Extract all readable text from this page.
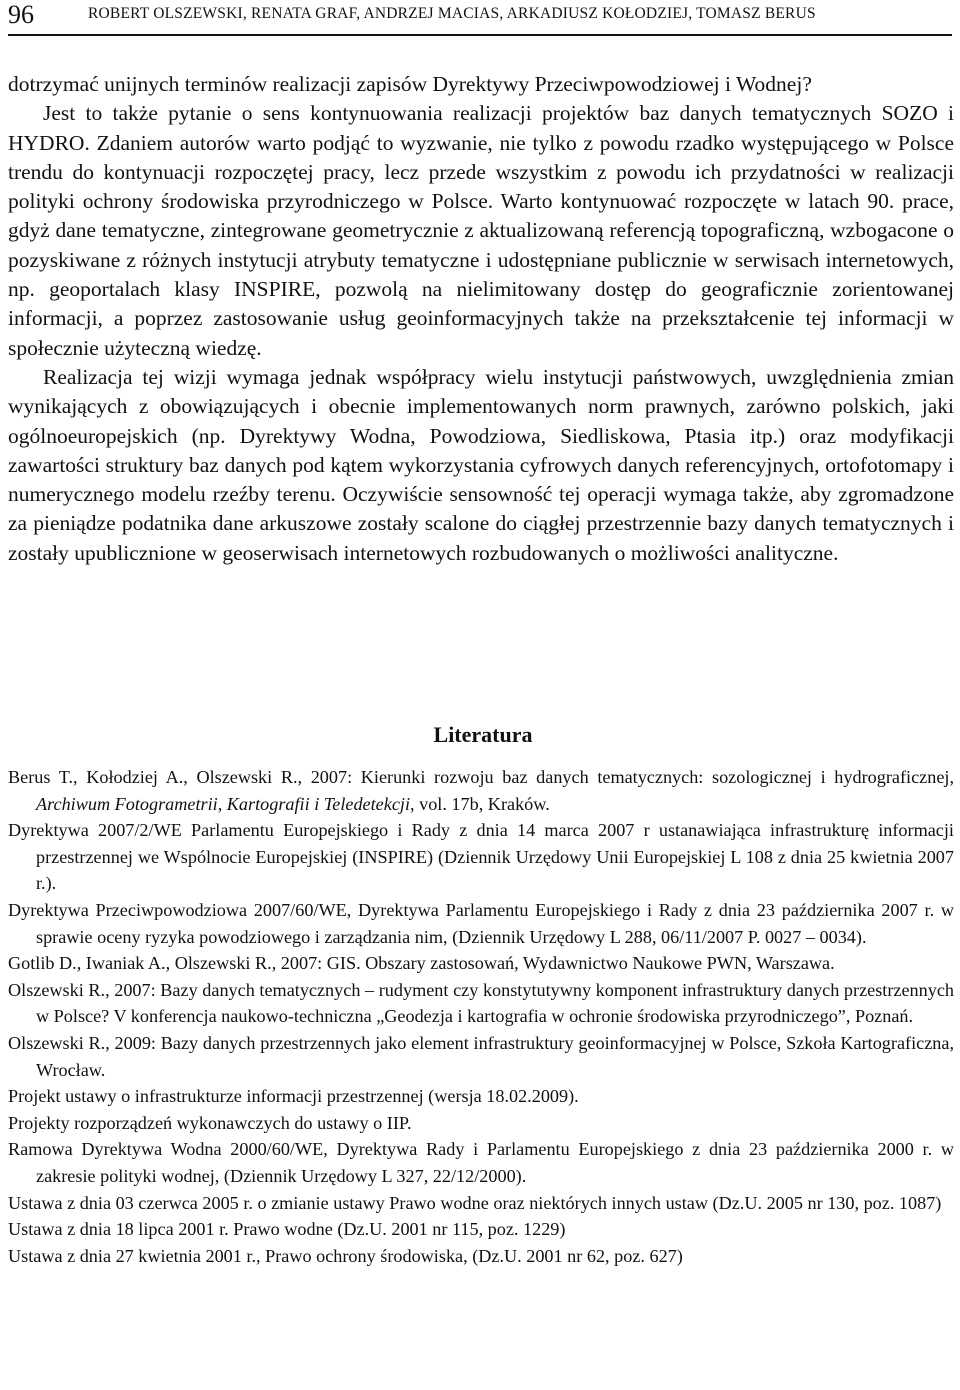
96	ROBERT OLSZEWSKI, RENATA GRAF, ANDRZEJ MACIAS, ARKADIUSZ KOŁODZIEJ, TOMASZ BERUS

dotrzymać unijnych terminów realizacji zapisów Dyrektywy Przeciwpowodziowej i Wodnej?

Jest to także pytanie o sens kontynuowania realizacji projektów baz danych tematycznych SOZO i HYDRO. Zdaniem autorów warto podjąć to wyzwanie, nie tylko z powodu rzadko występującego w Polsce trendu do kontynuacji rozpoczętej pracy, lecz przede wszystkim z powodu ich przydatności w realizacji polityki ochrony środowiska przyrodniczego w Polsce. Warto kontynuować rozpoczęte w latach 90. prace, gdyż dane tematyczne, zintegrowane geometrycznie z aktualizowaną referencją topograficzną, wzbogacone o pozyskiwane z różnych instytucji atrybuty tematyczne i udostępniane publicznie w serwisach internetowych, np. geoportalach klasy INSPIRE, pozwolą na nielimitowany dostęp do geograficznie zorientowanej informacji, a poprzez zastosowanie usług geoinformacyjnych także na przekształcenie tej informacji w społecznie użyteczną wiedzę.

Realizacja tej wizji wymaga jednak współpracy wielu instytucji państwowych, uwzględnienia zmian wynikających z obowiązujących i obecnie implementowanych norm prawnych, zarówno polskich, jaki ogólnoeuropejskich (np. Dyrektywy Wodna, Powodziowa, Siedliskowa, Ptasia itp.) oraz modyfikacji zawartości struktury baz danych pod kątem wykorzystania cyfrowych danych referencyjnych, ortofotomapy i numerycznego modelu rzeźby terenu. Oczywiście sensowność tej operacji wymaga także, aby zgromadzone za pieniądze podatnika dane arkuszowe zostały scalone do ciągłej przestrzennie bazy danych tematycznych i zostały upublicznione w geoserwisach internetowych rozbudowanych o możliwości analityczne.

Literatura
Berus T., Kołodziej A., Olszewski R., 2007: Kierunki rozwoju baz danych tematycznych: sozologicznej i hydrograficznej, Archiwum Fotogrametrii, Kartografii i Teledetekcji, vol. 17b, Kraków.
Dyrektywa 2007/2/WE Parlamentu Europejskiego i Rady z dnia 14 marca 2007 r ustanawiająca infrastrukturę informacji przestrzennej we Wspólnocie Europejskiej (INSPIRE) (Dziennik Urzędowy Unii Europejskiej L 108 z dnia 25 kwietnia 2007 r.).
Dyrektywa Przeciwpowodziowa 2007/60/WE, Dyrektywa Parlamentu Europejskiego i Rady z dnia 23 października 2007 r. w sprawie oceny ryzyka powodziowego i zarządzania nim, (Dziennik Urzędowy L 288, 06/11/2007 P. 0027 – 0034).
Gotlib D., Iwaniak A., Olszewski R., 2007: GIS. Obszary zastosowań, Wydawnictwo Naukowe PWN, Warszawa.
Olszewski R., 2007: Bazy danych tematycznych – rudyment czy konstytutywny komponent infrastruktury danych przestrzennych w Polsce? V konferencja naukowo-techniczna „Geodezja i kartografia w ochronie środowiska przyrodniczego”, Poznań.
Olszewski R., 2009: Bazy danych przestrzennych jako element infrastruktury geoinformacyjnej w Polsce, Szkoła Kartograficzna, Wrocław.
Projekt ustawy o infrastrukturze informacji przestrzennej (wersja 18.02.2009).
Projekty rozporządzeń wykonawczych do ustawy o IIP.
Ramowa Dyrektywa Wodna 2000/60/WE, Dyrektywa Rady i Parlamentu Europejskiego z dnia 23 października 2000 r. w zakresie polityki wodnej, (Dziennik Urzędowy L 327, 22/12/2000).
Ustawa z dnia 03 czerwca 2005 r. o zmianie ustawy Prawo wodne oraz niektórych innych ustaw (Dz.U. 2005 nr 130, poz. 1087)
Ustawa z dnia 18 lipca 2001 r. Prawo wodne (Dz.U. 2001 nr 115, poz. 1229)
Ustawa z dnia 27 kwietnia 2001 r., Prawo ochrony środowiska, (Dz.U. 2001 nr 62, poz. 627)
